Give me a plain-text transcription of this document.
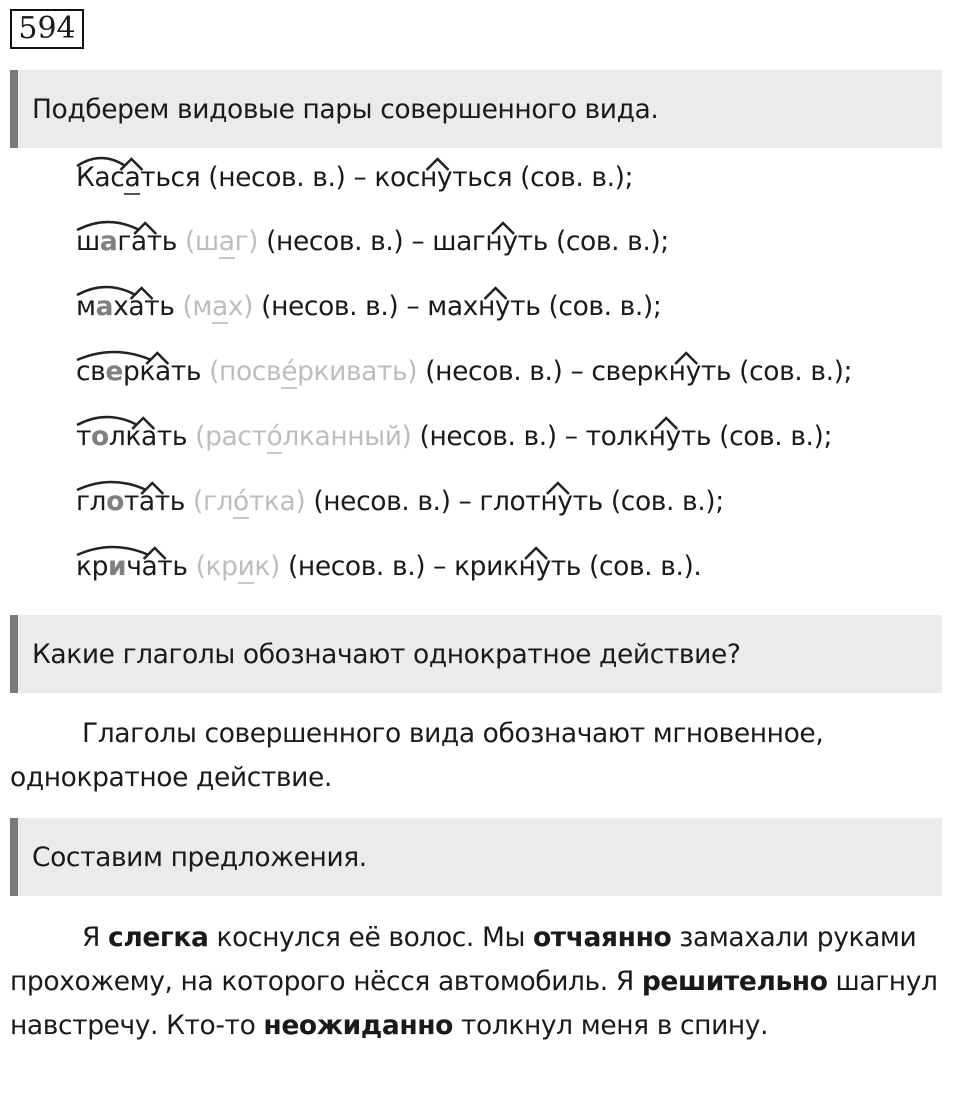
594
Подберем видовые пары совершенного вида.
Касаться (несов. в.) – коснуться (сов. в.);
шагать (шаг) (несов. в.) – шагнуть (сов. в.);
махать (мах) (несов. в.) – махнуть (сов. в.);
сверкать (посвéркивать) (несов. в.) – сверкнуть (сов. в.);
толкать (растóлканный) (несов. в.) – толкнуть (сов. в.);
глотать (глóтка) (несов. в.) – глотнуть (сов. в.);
кричать (крик) (несов. в.) – крикнуть (сов. в.).
Какие глаголы обозначают однократное действие?
Глаголы совершенного вида обозначают мгновенное, однократное действие.
Составим предложения.
Я слегка коснулся её волос. Мы отчаянно замахали руками прохожему, на которого нёсся автомобиль. Я решительно шагнул навстречу. Кто-то неожиданно толкнул меня в спину.
